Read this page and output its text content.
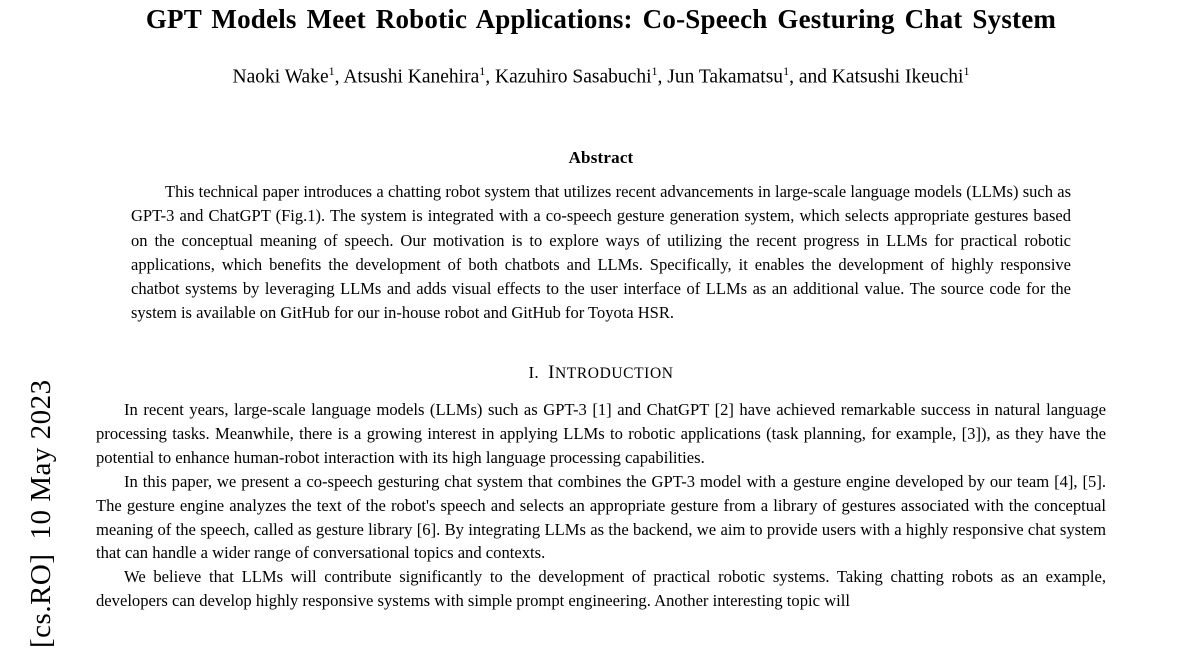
[cs.RO]
10 May 2023
GPT Models Meet Robotic Applications: Co-Speech Gesturing Chat System
Naoki Wake$^1$, Atsushi Kanehira$^1$, Kazuhiro Sasabuchi$^1$, Jun Takamatsu$^1$, and Katsushi Ikeuchi$^1$
Abstract
This technical paper introduces a chatting robot system that utilizes recent advancements in large-scale language models (LLMs) such as GPT-3 and ChatGPT (Fig.1). The system is integrated with a co-speech gesture generation system, which selects appropriate gestures based on the conceptual meaning of speech. Our motivation is to explore ways of utilizing the recent progress in LLMs for practical robotic applications, which benefits the development of both chatbots and LLMs. Specifically, it enables the development of highly responsive chatbot systems by leveraging LLMs and adds visual effects to the user interface of LLMs as an additional value. The source code for the system is available on GitHub for our in-house robot and GitHub for Toyota HSR.
I. INTRODUCTION

In recent years, large-scale language models (LLMs) such as GPT-3 [1] and ChatGPT [2] have achieved remarkable success in natural language processing tasks. Meanwhile, there is a growing interest in applying LLMs to robotic applications (task planning, for example, [3]), as they have the potential to enhance human-robot interaction with its high language processing capabilities.

In this paper, we present a co-speech gesturing chat system that combines the GPT-3 model with a gesture engine developed by our team [4], [5]. The gesture engine analyzes the text of the robot's speech and selects an appropriate gesture from a library of gestures associated with the conceptual meaning of the speech, called as gesture library [6]. By integrating LLMs as the backend, we aim to provide users with a highly responsive chat system that can handle a wider range of conversational topics and contexts.

We believe that LLMs will contribute significantly to the development of practical robotic systems. Taking chatting robots as an example, developers can develop highly responsive systems with simple prompt engineering. Another interesting topic will
